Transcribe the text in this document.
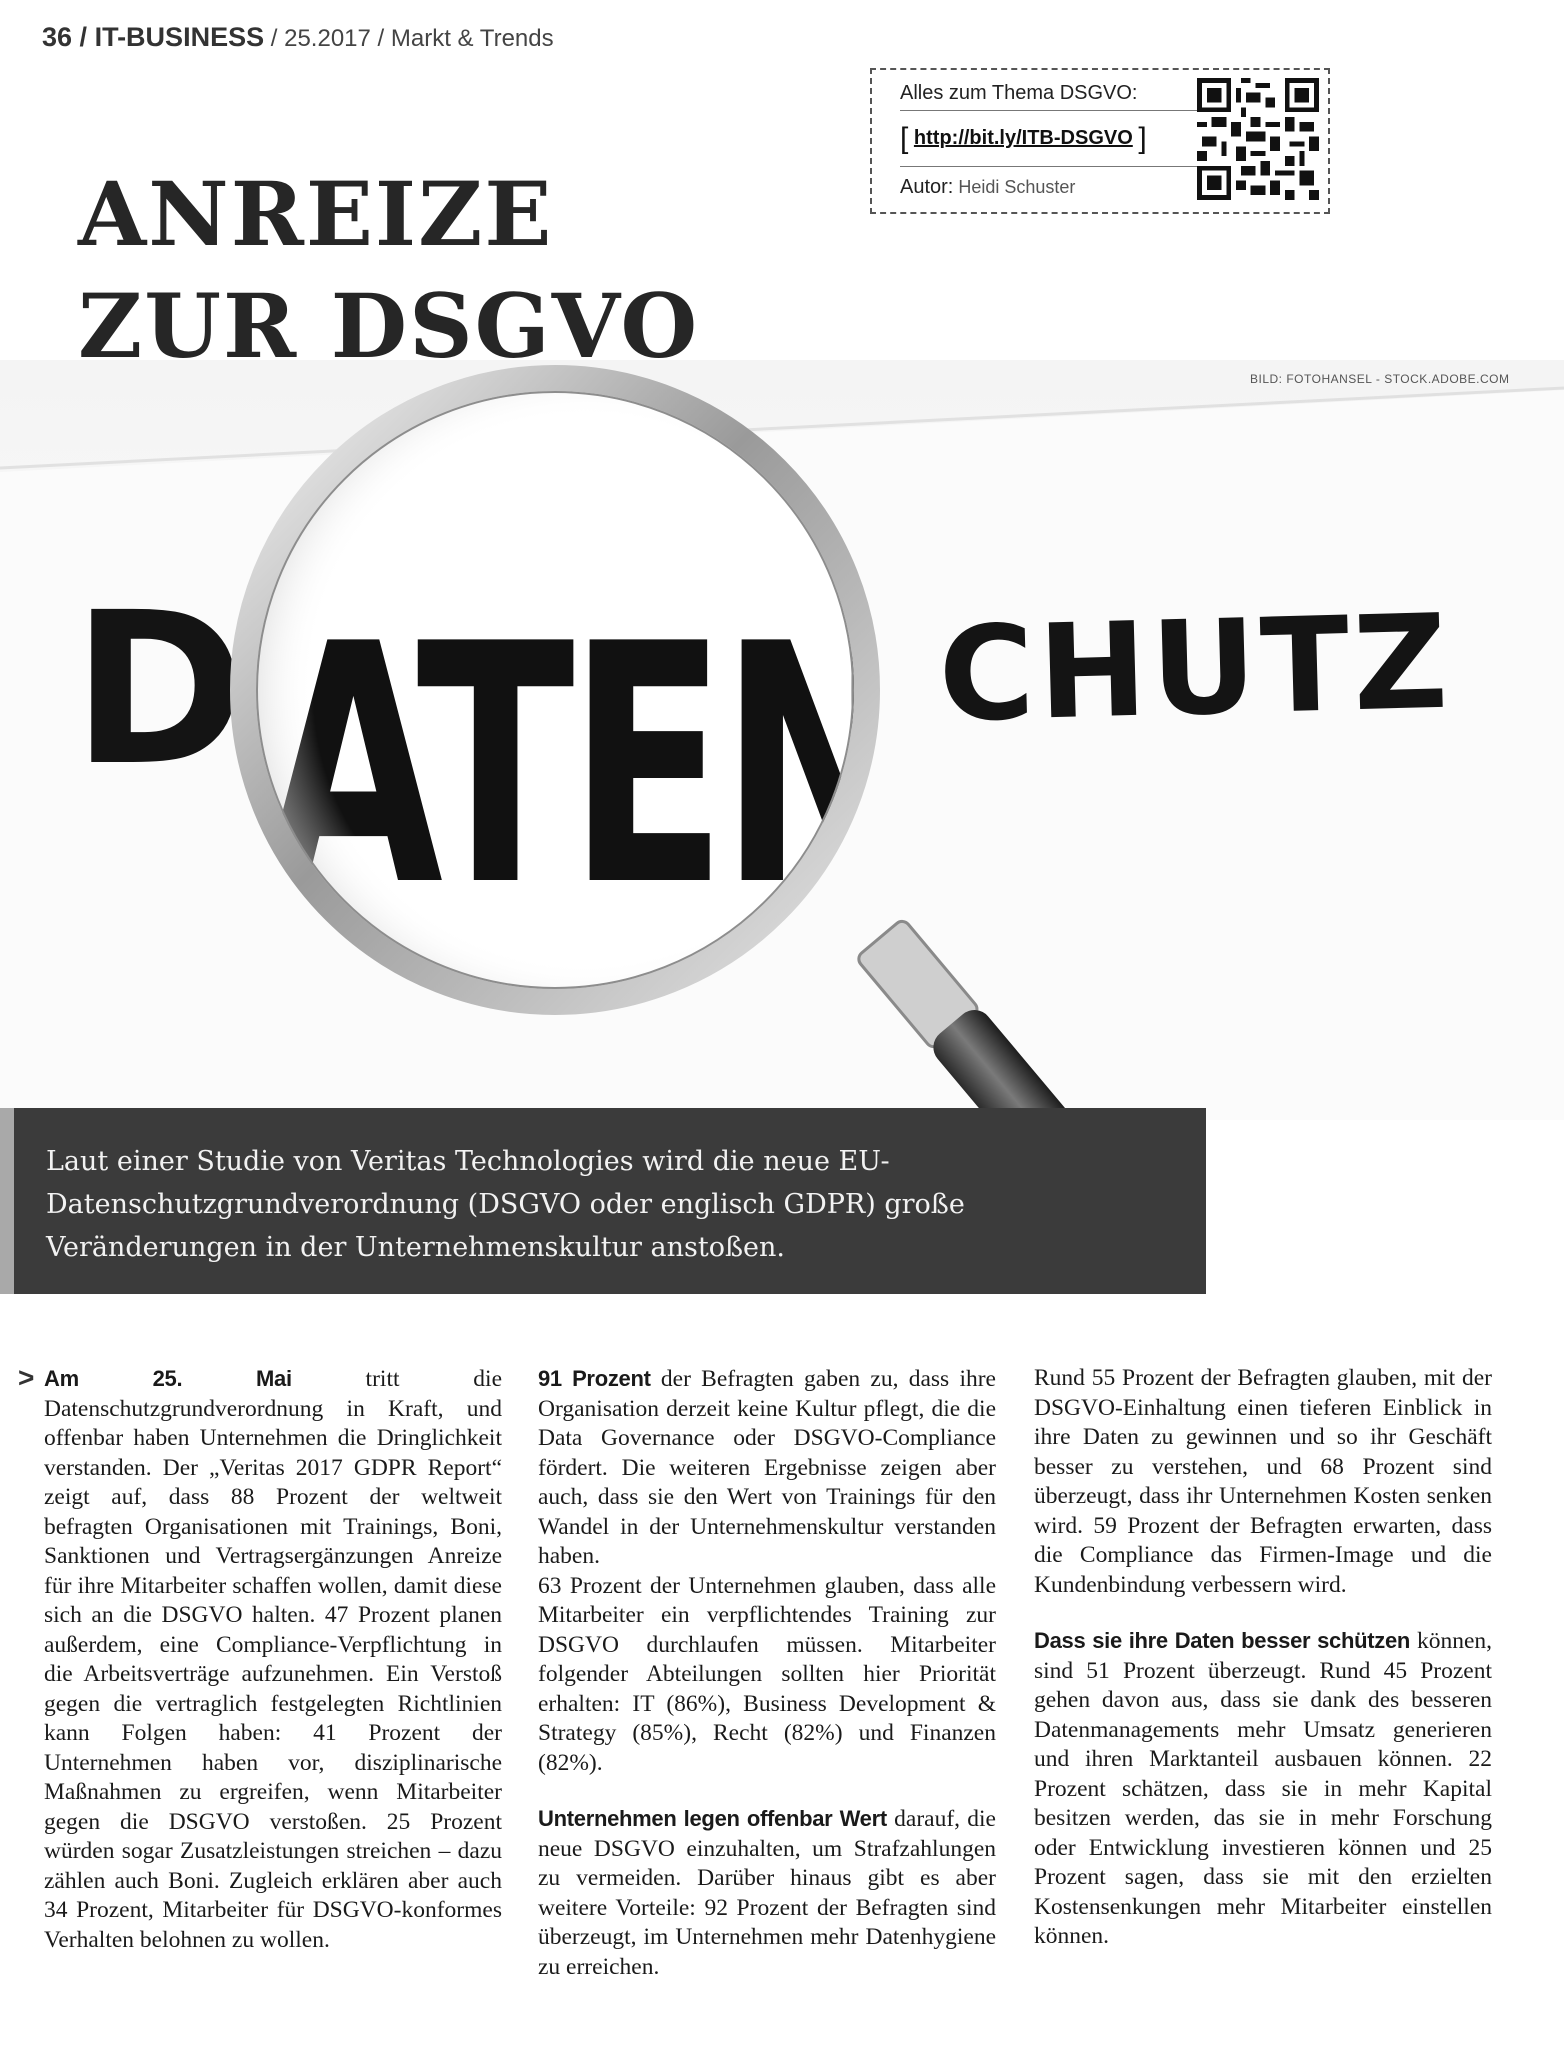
36 / IT-BUSINESS / 25.2017 / Markt & Trends
Alles zum Thema DSGVO:
[ http://bit.ly/ITB-DSGVO ]
Autor: Heidi Schuster
D	CHUTZ
BILD: FOTOHANSEL - STOCK.ADOBE.COM
ANREIZE
ZUR DSGVO
Laut einer Studie von Veritas Technologies wird die neue EU-Datenschutzgrundverordnung (DSGVO oder englisch GDPR) große Veränderungen in der Unternehmenskultur anstoßen.
> Am 25. Mai tritt die Datenschutzgrundverordnung in Kraft, und offenbar haben Unternehmen die Dringlichkeit verstanden. Der „Veritas 2017 GDPR Report“ zeigt auf, dass 88 Prozent der weltweit befragten Organisationen mit Trainings, Boni, Sanktionen und Vertragsergänzungen Anreize für ihre Mitarbeiter schaffen wollen, damit diese sich an die DSGVO halten. 47 Prozent planen außerdem, eine Compliance-Verpflichtung in die Arbeitsverträge aufzunehmen. Ein Verstoß gegen die vertraglich festgelegten Richtlinien kann Folgen haben: 41 Prozent der Unternehmen haben vor, disziplinarische Maßnahmen zu ergreifen, wenn Mitarbeiter gegen die DSGVO verstoßen. 25 Prozent würden sogar Zusatzleistungen streichen – dazu zählen auch Boni. Zugleich erklären aber auch 34 Prozent, Mitarbeiter für DSGVO-konformes Verhalten belohnen zu wollen.

91 Prozent der Befragten gaben zu, dass ihre Organisation derzeit keine Kultur pflegt, die die Data Governance oder DSGVO-Compliance fördert. Die weiteren Ergebnisse zeigen aber auch, dass sie den Wert von Trainings für den Wandel in der Unternehmenskultur verstanden haben.

63 Prozent der Unternehmen glauben, dass alle Mitarbeiter ein verpflichtendes Training zur DSGVO durchlaufen müssen. Mitarbeiter folgender Abteilungen sollten hier Priorität erhalten: IT (86%), Business Development & Strategy (85%), Recht (82%) und Finanzen (82%).

Unternehmen legen offenbar Wert darauf, die neue DSGVO einzuhalten, um Strafzahlungen zu vermeiden. Darüber hinaus gibt es aber weitere Vorteile: 92 Prozent der Befragten sind überzeugt, im Unternehmen mehr Datenhygiene zu erreichen.

Rund 55 Prozent der Befragten glauben, mit der DSGVO-Einhaltung einen tieferen Einblick in ihre Daten zu gewinnen und so ihr Geschäft besser zu verstehen, und 68 Prozent sind überzeugt, dass ihr Unternehmen Kosten senken wird. 59 Prozent der Befragten erwarten, dass die Compliance das Firmen-Image und die Kundenbindung verbessern wird.

Dass sie ihre Daten besser schützen können, sind 51 Prozent überzeugt. Rund 45 Prozent gehen davon aus, dass sie dank des besseren Datenmanagements mehr Umsatz generieren und ihren Marktanteil ausbauen können. 22 Prozent schätzen, dass sie in mehr Kapital besitzen werden, das sie in mehr Forschung oder Entwicklung investieren können und 25 Prozent sagen, dass sie mit den erzielten Kostensenkungen mehr Mitarbeiter einstellen können.
